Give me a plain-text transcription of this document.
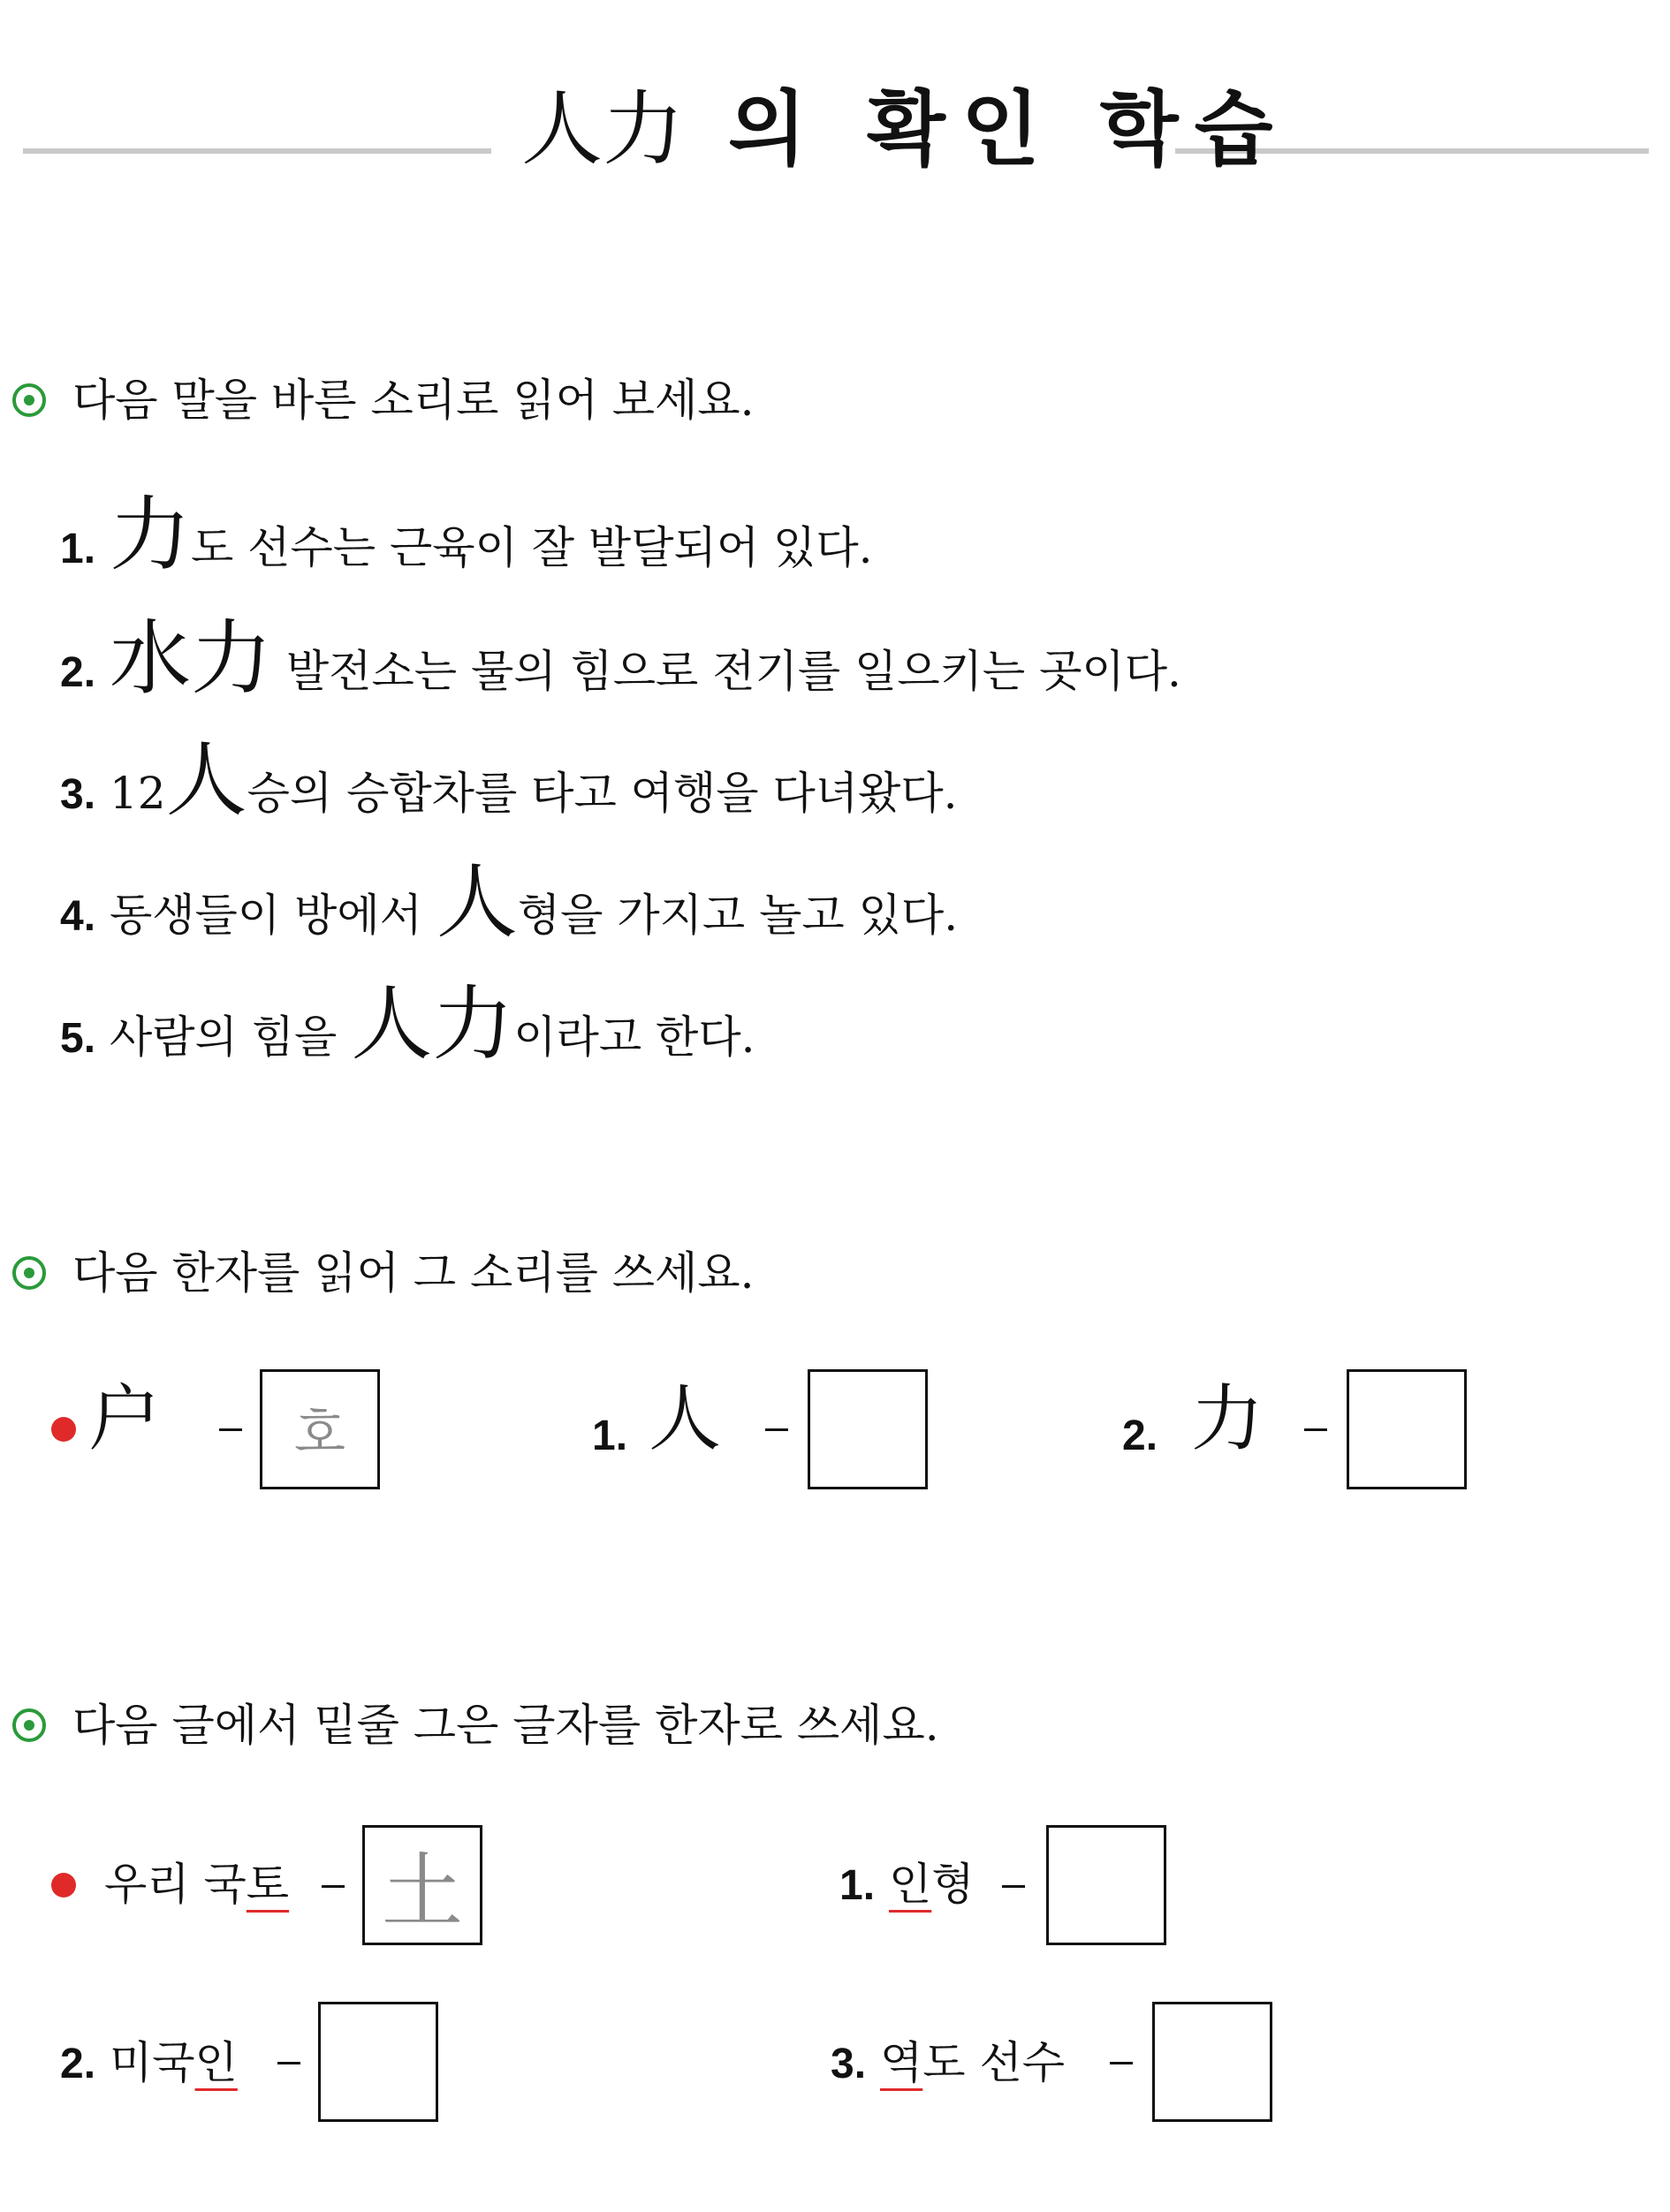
人力 의 확인 학습
다음 말을 바른 소리로 읽어 보세요.
1. 力도 선수는 근육이 잘 발달되어 있다.
2. 水力 발전소는 물의 힘으로 전기를 일으키는 곳이다.
3. 12人승의 승합차를 타고 여행을 다녀왔다.
4. 동생들이 방에서 人형을 가지고 놀고 있다.
5. 사람의 힘을 人力이라고 한다.
다음 한자를 읽어 그 소리를 쓰세요.
户	호	1. 人	2. 力
다음 글에서 밑줄 그은 글자를 한자로 쓰세요.
우리 국토 土	1. 인형
2. 미국인	3. 역도 선수
